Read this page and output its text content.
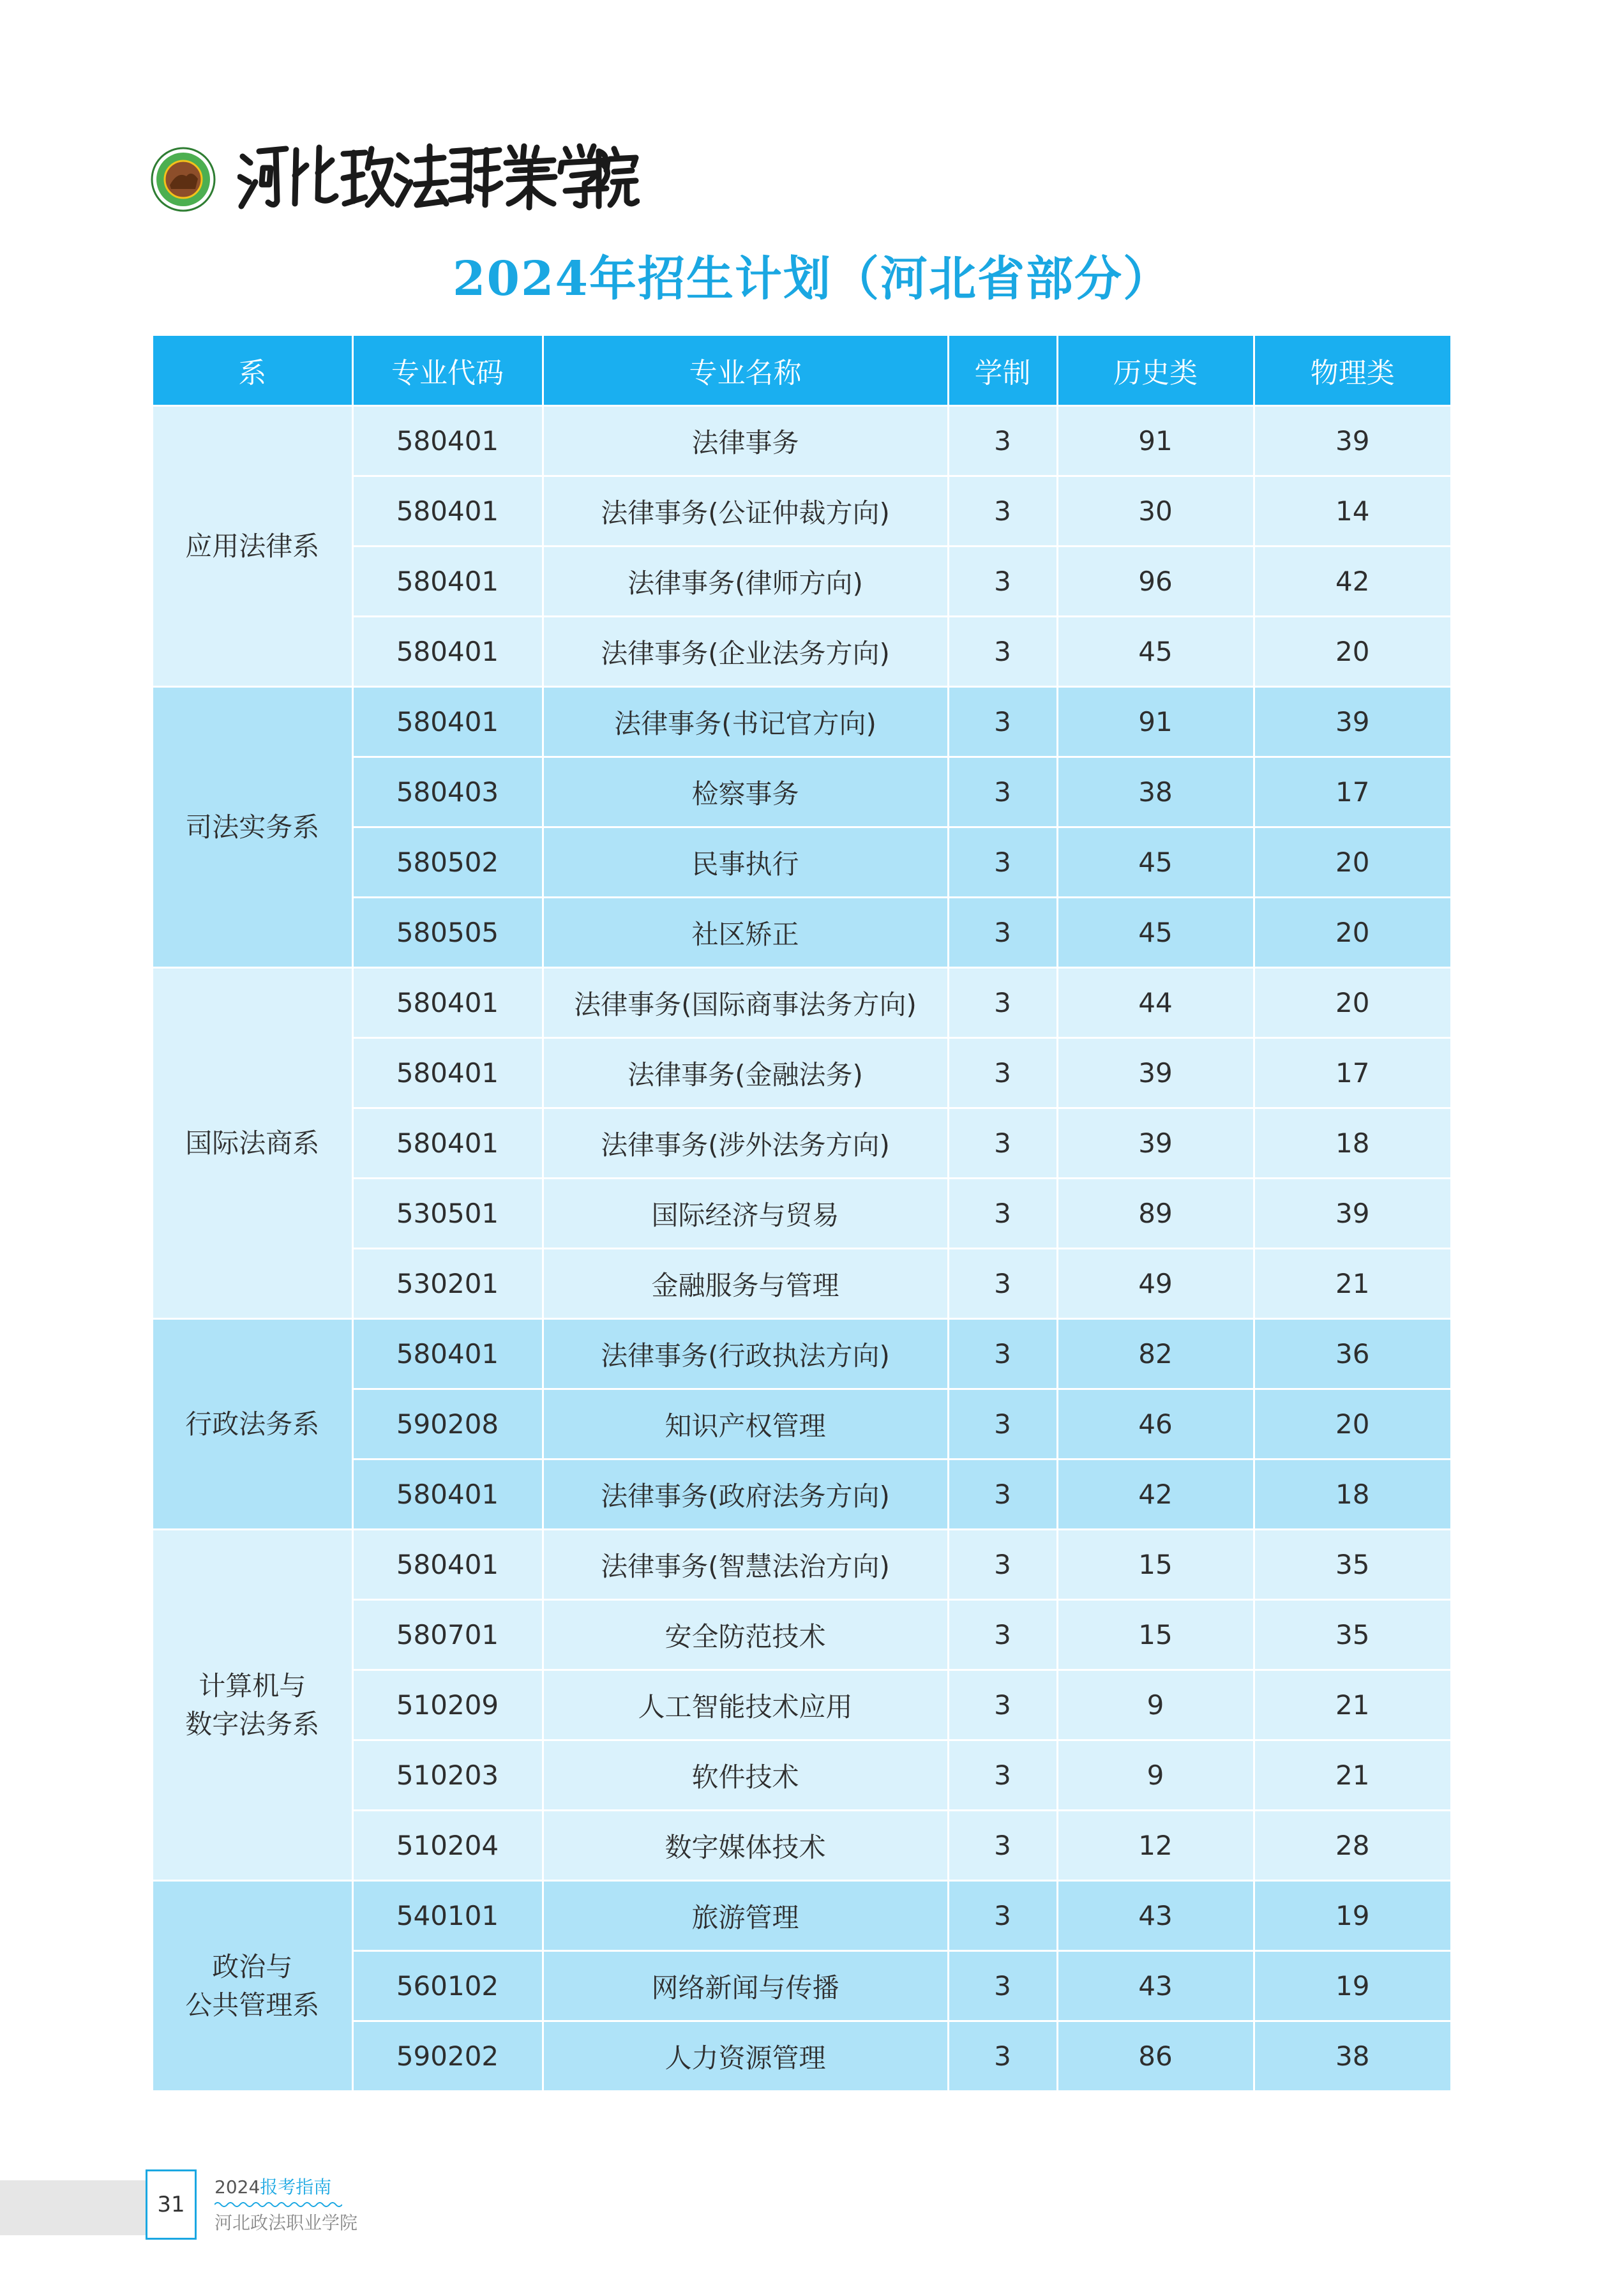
2024年招生计划（河北省部分）
系	专业代码	专业名称	学制	历史类	物理类
应用法律系	580401	法律事务	3	91	39
	580401	法律事务(公证仲裁方向)	3	30	14
	580401	法律事务(律师方向)	3	96	42
	580401	法律事务(企业法务方向)	3	45	20
司法实务系	580401	法律事务(书记官方向)	3	91	39
	580403	检察事务	3	38	17
	580502	民事执行	3	45	20
	580505	社区矫正	3	45	20
国际法商系	580401	法律事务(国际商事法务方向)	3	44	20
	580401	法律事务(金融法务)	3	39	17
	580401	法律事务(涉外法务方向)	3	39	18
	530501	国际经济与贸易	3	89	39
	530201	金融服务与管理	3	49	21
行政法务系	580401	法律事务(行政执法方向)	3	82	36
	590208	知识产权管理	3	46	20
	580401	法律事务(政府法务方向)	3	42	18
计算机与
数字法务系	580401	法律事务(智慧法治方向)	3	15	35
	580701	安全防范技术	3	15	35
	510209	人工智能技术应用	3	9	21
	510203	软件技术	3	9	21
	510204	数字媒体技术	3	12	28
政治与
公共管理系	540101	旅游管理	3	43	19
	560102	网络新闻与传播	3	43	19
	590202	人力资源管理	3	86	38
31
2024报考指南
河北政法职业学院
